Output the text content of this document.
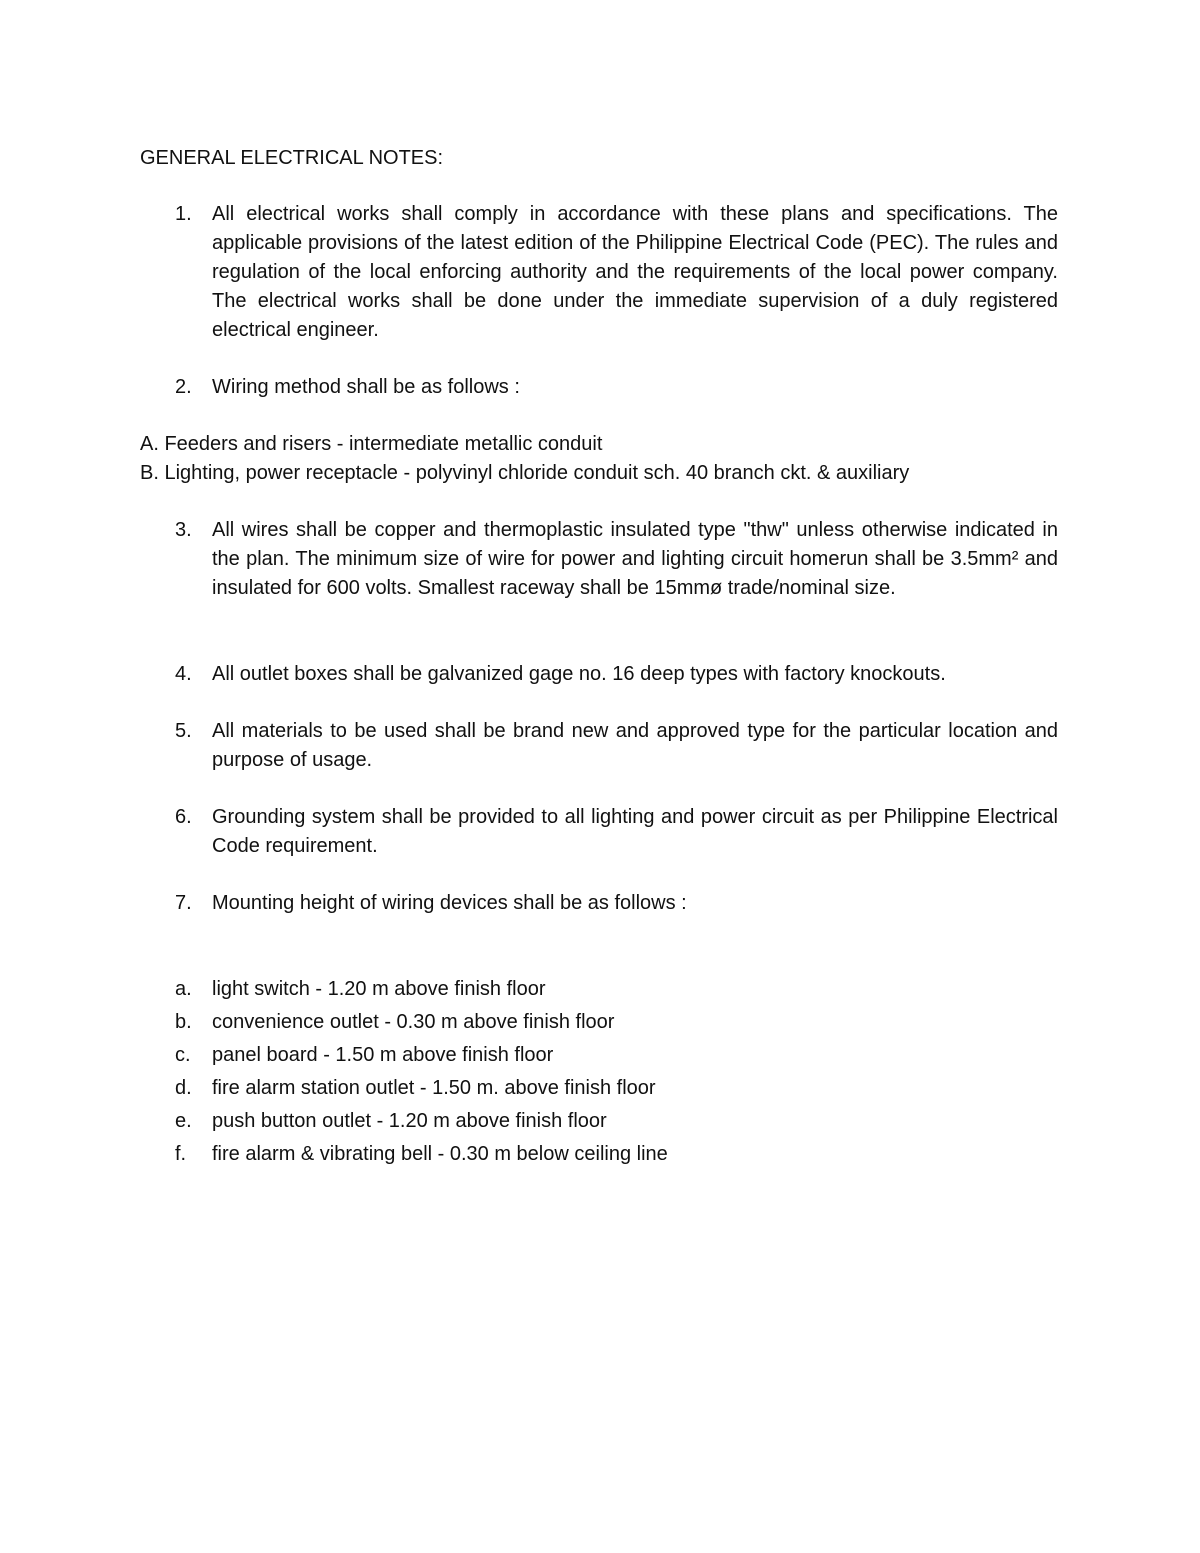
GENERAL ELECTRICAL NOTES:
1. All electrical works shall comply in accordance with these plans and specifications. The applicable provisions of the latest edition of the Philippine Electrical Code (PEC). The rules and regulation of the local enforcing authority and the requirements of the local power company. The electrical works shall be done under the immediate supervision of a duly registered electrical engineer.
2. Wiring method shall be as follows :
A. Feeders and risers - intermediate metallic conduit
B. Lighting, power receptacle - polyvinyl chloride conduit sch. 40 branch ckt. & auxiliary
3. All wires shall be copper and thermoplastic insulated type "thw" unless otherwise indicated in the plan. The minimum size of wire for power and lighting circuit homerun shall be 3.5mm² and insulated for 600 volts. Smallest raceway shall be 15mmø trade/nominal size.
4. All outlet boxes shall be galvanized gage no. 16 deep types with factory knockouts.
5. All materials to be used shall be brand new and approved type for the particular location and purpose of usage.
6. Grounding system shall be provided to all lighting and power circuit as per Philippine Electrical Code requirement.
7. Mounting height of wiring devices shall be as follows :
a. light switch - 1.20 m above finish floor
b. convenience outlet - 0.30 m above finish floor
c. panel board - 1.50 m above finish floor
d. fire alarm station outlet - 1.50 m. above finish floor
e. push button outlet - 1.20 m above finish floor
f. fire alarm & vibrating bell - 0.30 m below ceiling line
